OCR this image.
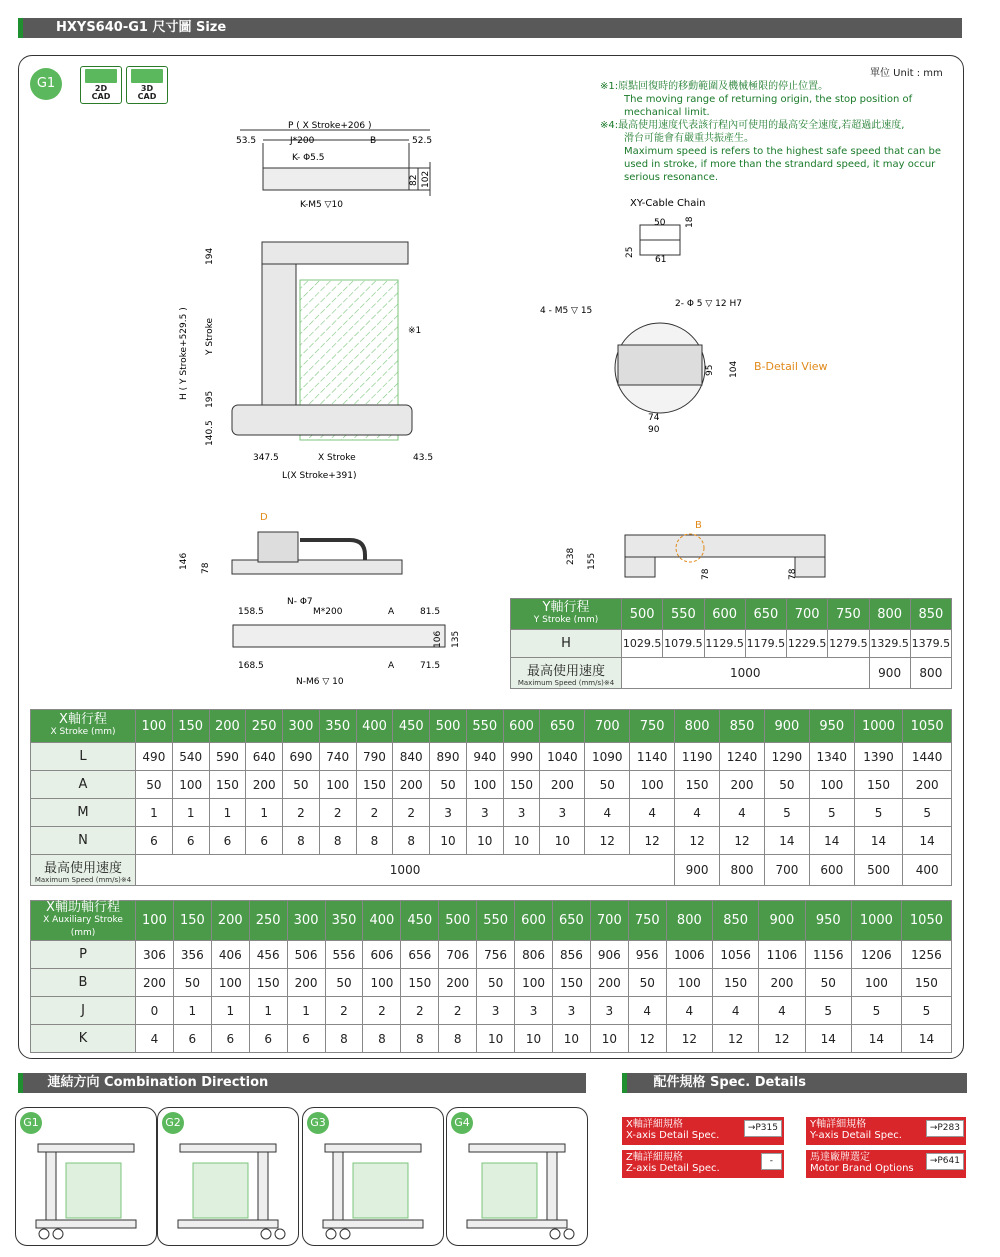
HXYS640-G1 尺寸圖 Size
G1	2D
CAD
3D
CAD
單位 Unit : mm
※1:原點回復時的移動範圍及機械極限的停止位置。
The moving range of returning origin, the stop position of
mechanical limit.
※4:最高使用速度代表該行程內可使用的最高安全速度,若超過此速度,
滑台可能會有嚴重共振產生。
Maximum speed is refers to the highest safe speed that can be
used in stroke, if more than the strandard speed, it may occur
serious resonance.
P ( X Stroke+206 )
J*200	B
53.5	52.5
K- Φ5.5
K-M5 ▽10
82 102
XY-Cable Chain
50 18
25
61
4 - M5 ▽ 15
2- Φ 5 ▽ 12 H7
95 104
74
90
B-Detail View
194
H ( Y Stroke+529.5 ) Y Stroke
195
140.5
347.5	X Stroke	43.5
L(X Stroke+391)
※1
D
146 78
B
238 155
78	78
N- Φ7
M*200	A
158.5	81.5
168.5	A	71.5
N-M6 ▽ 10
106 135
Y軸行程
Y Stroke (mm)	500	550	600	650	700	750	800	850
H	1029.5	1079.5	1129.5	1179.5	1229.5	1279.5	1329.5	1379.5
最高使用速度
Maximum Speed (mm/s)※4	1000						900	800
X軸行程
X Stroke (mm)	100	150	200	250	300	350	400	450	500	550	600	650	700	750	800	850	900	950	1000	1050
L	490	540	590	640	690	740	790	840	890	940	990	1040	1090	1140	1190	1240	1290	1340	1390	1440
A	50	100	150	200	50	100	150	200	50	100	150	200	50	100	150	200	50	100	150	200
M	1	1	1	1	2	2	2	2	3	3	3	3	4	4	4	4	5	5	5	5
N	6	6	6	6	8	8	8	8	10	10	10	10	12	12	12	12	14	14	14	14
最高使用速度
Maximum Speed (mm/s)※4	1000														900	800	700	600	500	400
X輔助軸行程
X Auxiliary Stroke (mm)	100	150	200	250	300	350	400	450	500	550	600	650	700	750	800	850	900	950	1000	1050
P	306	356	406	456	506	556	606	656	706	756	806	856	906	956	1006	1056	1106	1156	1206	1256
B	200	50	100	150	200	50	100	150	200	50	100	150	200	50	100	150	200	50	100	150
J	0	1	1	1	1	2	2	2	2	3	3	3	3	4	4	4	4	5	5	5
K	4	6	6	6	6	8	8	8	8	10	10	10	10	12	12	12	12	14	14	14
連結方向 Combination Direction	配件規格 Spec. Details
G1	G2	G3	G4	X軸詳細規格
X-axis Detail Spec.
→P315	Y軸詳細規格
Y-axis Detail Spec.
→P283
Z軸詳細規格
Z-axis Detail Spec.
-	馬達廠牌選定
Motor Brand Options
→P641
